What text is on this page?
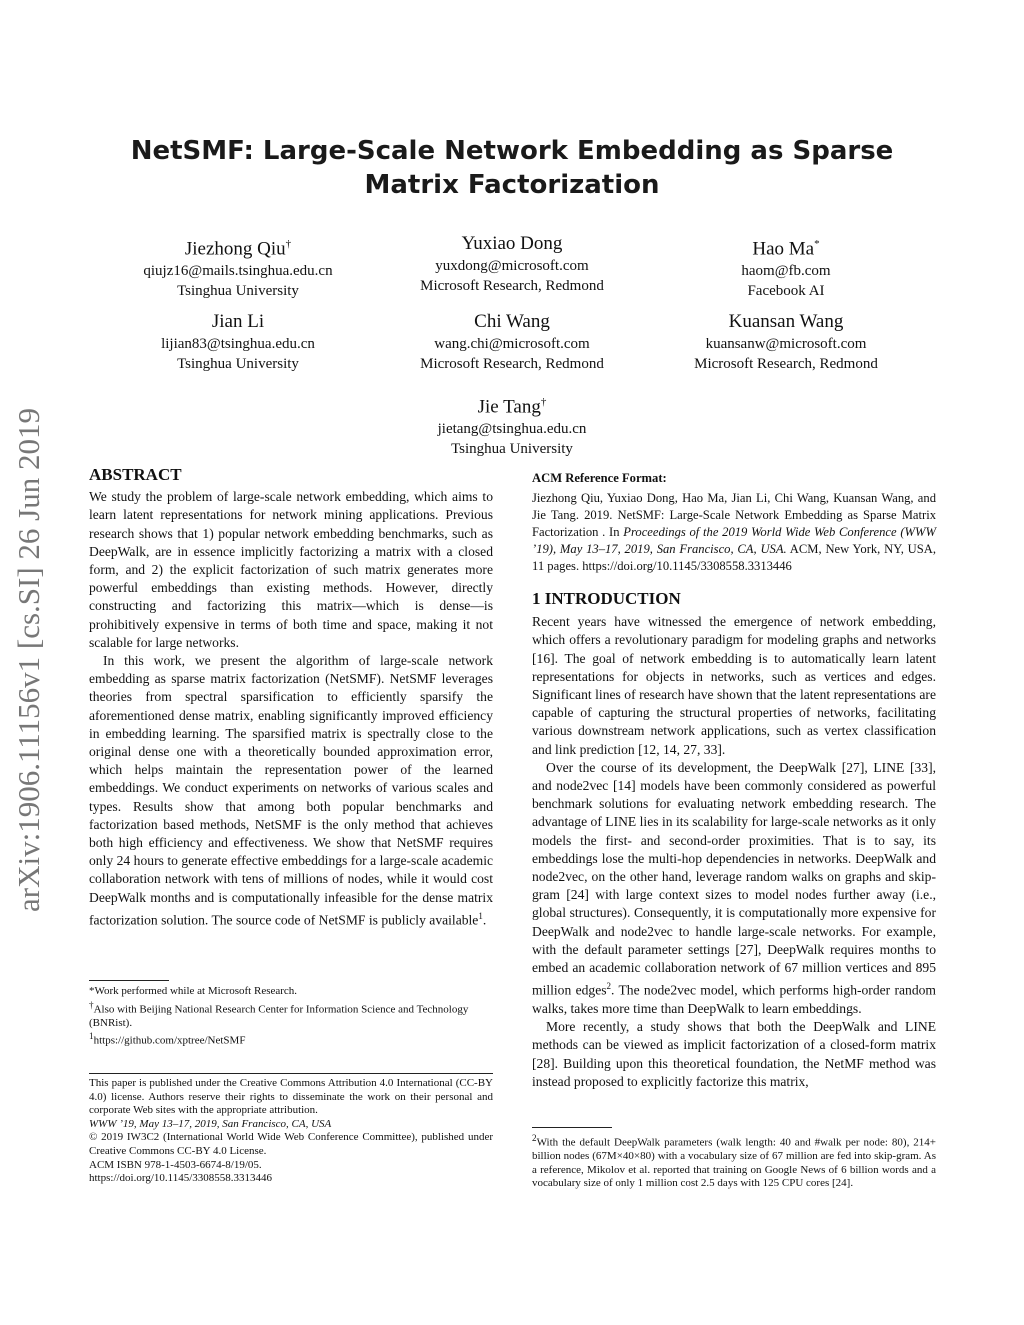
NetSMF: Large-Scale Network Embedding as Sparse Matrix Factorization
arXiv:1906.11156v1 [cs.SI] 26 Jun 2019
Jiezhong Qiu†
qiujz16@mails.tsinghua.edu.cn
Tsinghua University
Yuxiao Dong
yuxdong@microsoft.com
Microsoft Research, Redmond
Hao Ma*
haom@fb.com
Facebook AI
Jian Li
lijian83@tsinghua.edu.cn
Tsinghua University
Chi Wang
wang.chi@microsoft.com
Microsoft Research, Redmond
Kuansan Wang
kuansanw@microsoft.com
Microsoft Research, Redmond
Jie Tang†
jietang@tsinghua.edu.cn
Tsinghua University
ABSTRACT

We study the problem of large-scale network embedding, which aims to learn latent representations for network mining applications. Previous research shows that 1) popular network embedding benchmarks, such as DeepWalk, are in essence implicitly factorizing a matrix with a closed form, and 2) the explicit factorization of such matrix generates more powerful embeddings than existing methods. However, directly constructing and factorizing this matrix—which is dense—is prohibitively expensive in terms of both time and space, making it not scalable for large networks.

In this work, we present the algorithm of large-scale network embedding as sparse matrix factorization (NetSMF). NetSMF leverages theories from spectral sparsification to efficiently sparsify the aforementioned dense matrix, enabling significantly improved efficiency in embedding learning. The sparsified matrix is spectrally close to the original dense one with a theoretically bounded approximation error, which helps maintain the representation power of the learned embeddings. We conduct experiments on networks of various scales and types. Results show that among both popular benchmarks and factorization based methods, NetSMF is the only method that achieves both high efficiency and effectiveness. We show that NetSMF requires only 24 hours to generate effective embeddings for a large-scale academic collaboration network with tens of millions of nodes, while it would cost DeepWalk months and is computationally infeasible for the dense matrix factorization solution. The source code of NetSMF is publicly available$^1$.

*Work performed while at Microsoft Research.
†Also with Beijing National Research Center for Information Science and Technology (BNRist).
$^1$https://github.com/xptree/NetSMF
This paper is published under the Creative Commons Attribution 4.0 International (CC-BY 4.0) license. Authors reserve their rights to disseminate the work on their personal and corporate Web sites with the appropriate attribution.
WWW ’19, May 13–17, 2019, San Francisco, CA, USA
© 2019 IW3C2 (International World Wide Web Conference Committee), published under Creative Commons CC-BY 4.0 License.
ACM ISBN 978-1-4503-6674-8/19/05.
https://doi.org/10.1145/3308558.3313446
ACM Reference Format:

Jiezhong Qiu, Yuxiao Dong, Hao Ma, Jian Li, Chi Wang, Kuansan Wang, and Jie Tang. 2019. NetSMF: Large-Scale Network Embedding as Sparse Matrix Factorization . In Proceedings of the 2019 World Wide Web Conference (WWW ’19), May 13–17, 2019, San Francisco, CA, USA. ACM, New York, NY, USA, 11 pages. https://doi.org/10.1145/3308558.3313446

1 INTRODUCTION

Recent years have witnessed the emergence of network embedding, which offers a revolutionary paradigm for modeling graphs and networks [16]. The goal of network embedding is to automatically learn latent representations for objects in networks, such as vertices and edges. Significant lines of research have shown that the latent representations are capable of capturing the structural properties of networks, facilitating various downstream network applications, such as vertex classification and link prediction [12, 14, 27, 33].

Over the course of its development, the DeepWalk [27], LINE [33], and node2vec [14] models have been commonly considered as powerful benchmark solutions for evaluating network embedding research. The advantage of LINE lies in its scalability for large-scale networks as it only models the first- and second-order proximities. That is to say, its embeddings lose the multi-hop dependencies in networks. DeepWalk and node2vec, on the other hand, leverage random walks on graphs and skip-gram [24] with large context sizes to model nodes further away (i.e., global structures). Consequently, it is computationally more expensive for DeepWalk and node2vec to handle large-scale networks. For example, with the default parameter settings [27], DeepWalk requires months to embed an academic collaboration network of 67 million vertices and 895 million edges$^2$. The node2vec model, which performs high-order random walks, takes more time than DeepWalk to learn embeddings.

More recently, a study shows that both the DeepWalk and LINE methods can be viewed as implicit factorization of a closed-form matrix [28]. Building upon this theoretical foundation, the NetMF method was instead proposed to explicitly factorize this matrix,

$^2$With the default DeepWalk parameters (walk length: 40 and #walk per node: 80), 214+ billion nodes (67M×40×80) with a vocabulary size of 67 million are fed into skip-gram. As a reference, Mikolov et al. reported that training on Google News of 6 billion words and a vocabulary size of only 1 million cost 2.5 days with 125 CPU cores [24].
